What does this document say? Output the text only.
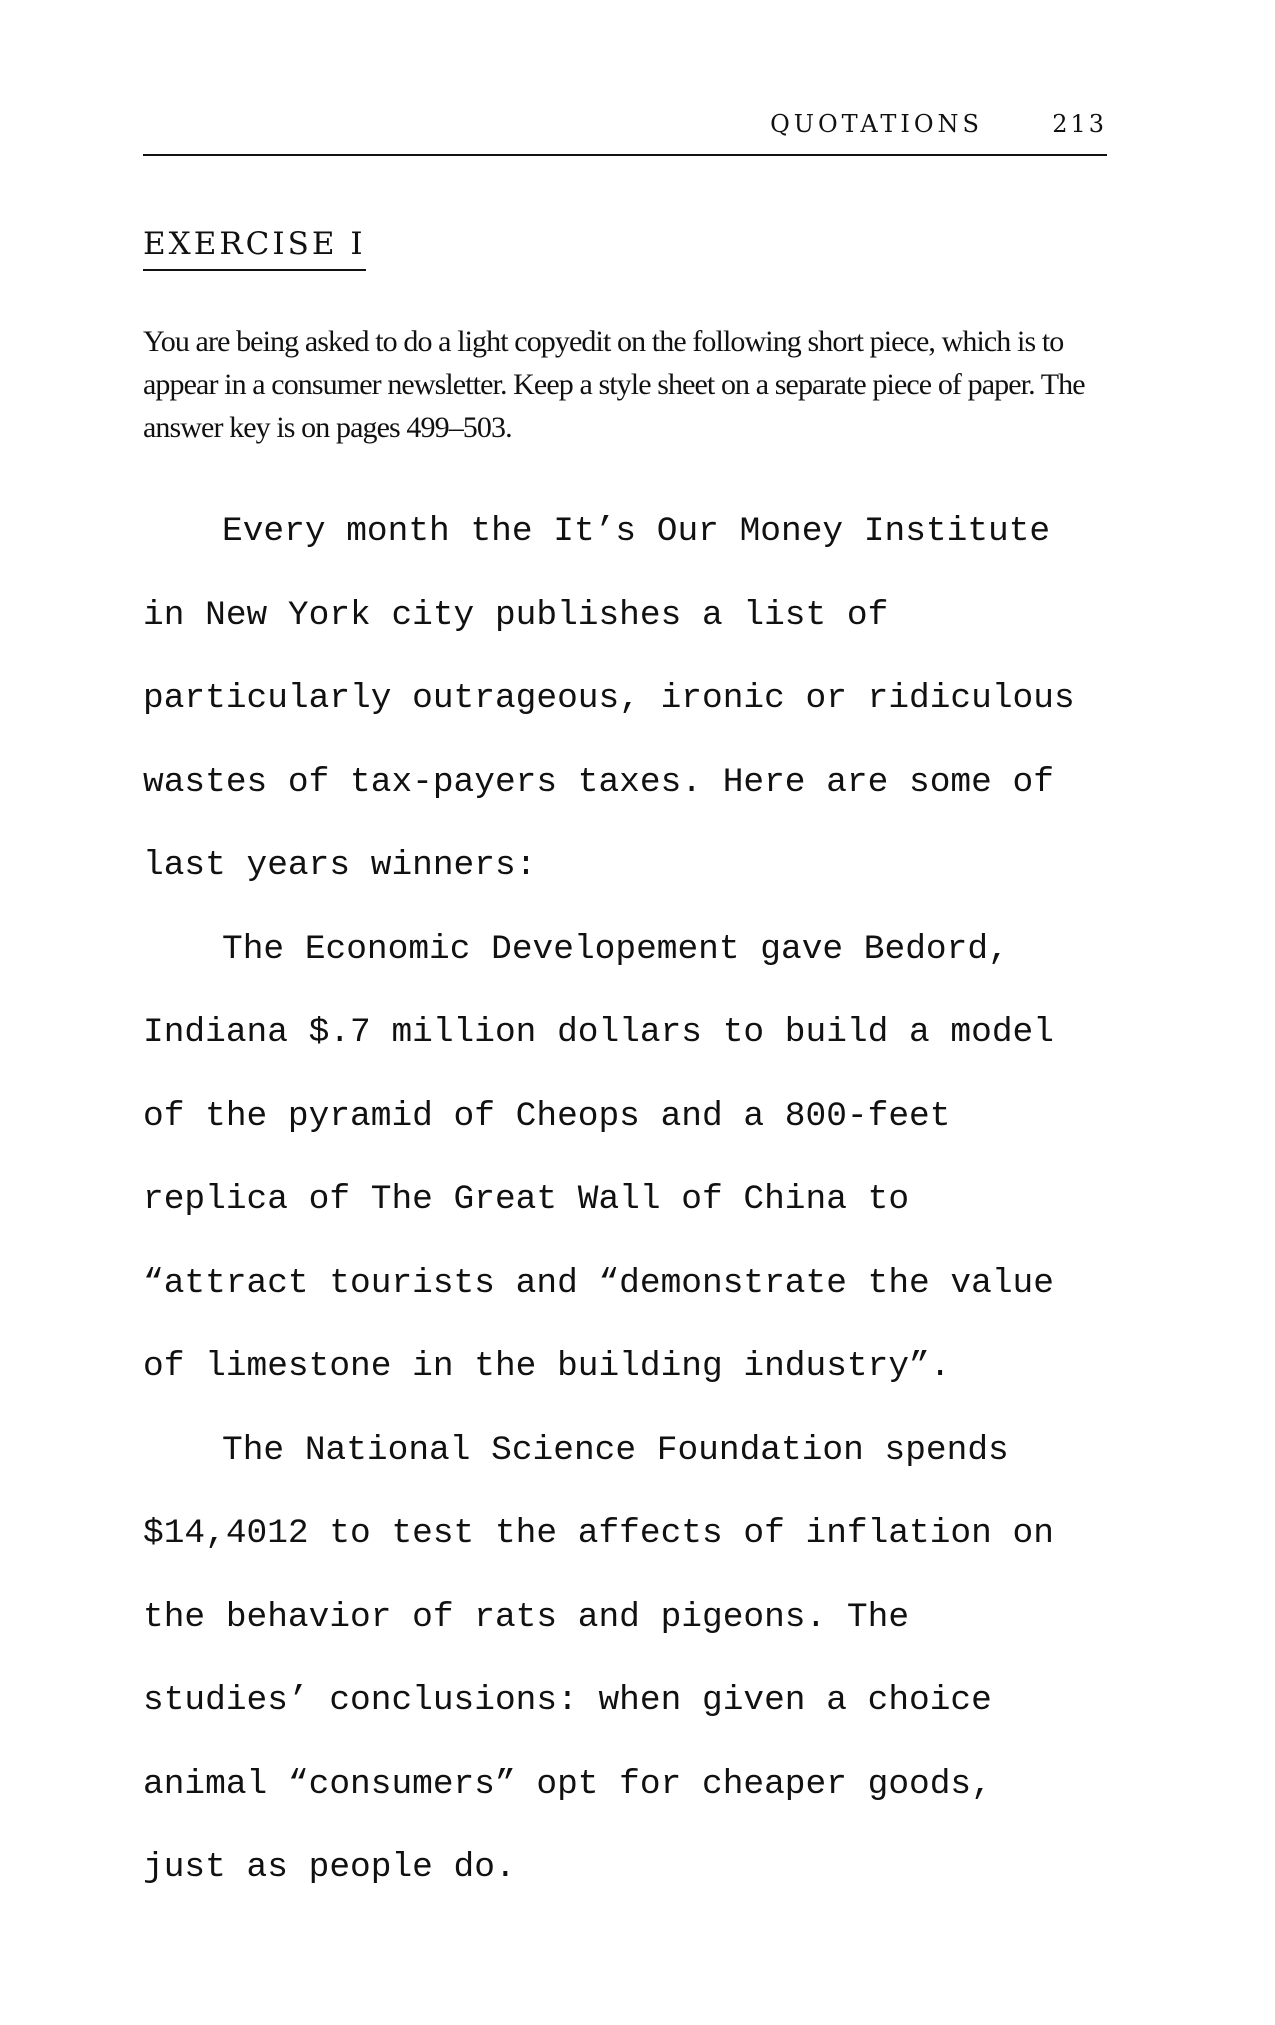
QUOTATIONS	213
EXERCISE I

You are being asked to do a light copyedit on the following short piece, which is to appear in a consumer newsletter. Keep a style sheet on a separate piece of paper. The answer key is on pages 499–503.

Every month the It’s Our Money Institute
in New York city publishes a list of
particularly outrageous, ironic or ridiculous
wastes of tax-payers taxes. Here are some of
last years winners:
The Economic Developement gave Bedord,
Indiana $.7 million dollars to build a model
of the pyramid of Cheops and a 800-feet
replica of The Great Wall of China to
“attract tourists and “demonstrate the value
of limestone in the building industry”.
The National Science Foundation spends
$14,4012 to test the affects of inflation on
the behavior of rats and pigeons. The
studies’ conclusions: when given a choice
animal “consumers” opt for cheaper goods,
just as people do.
